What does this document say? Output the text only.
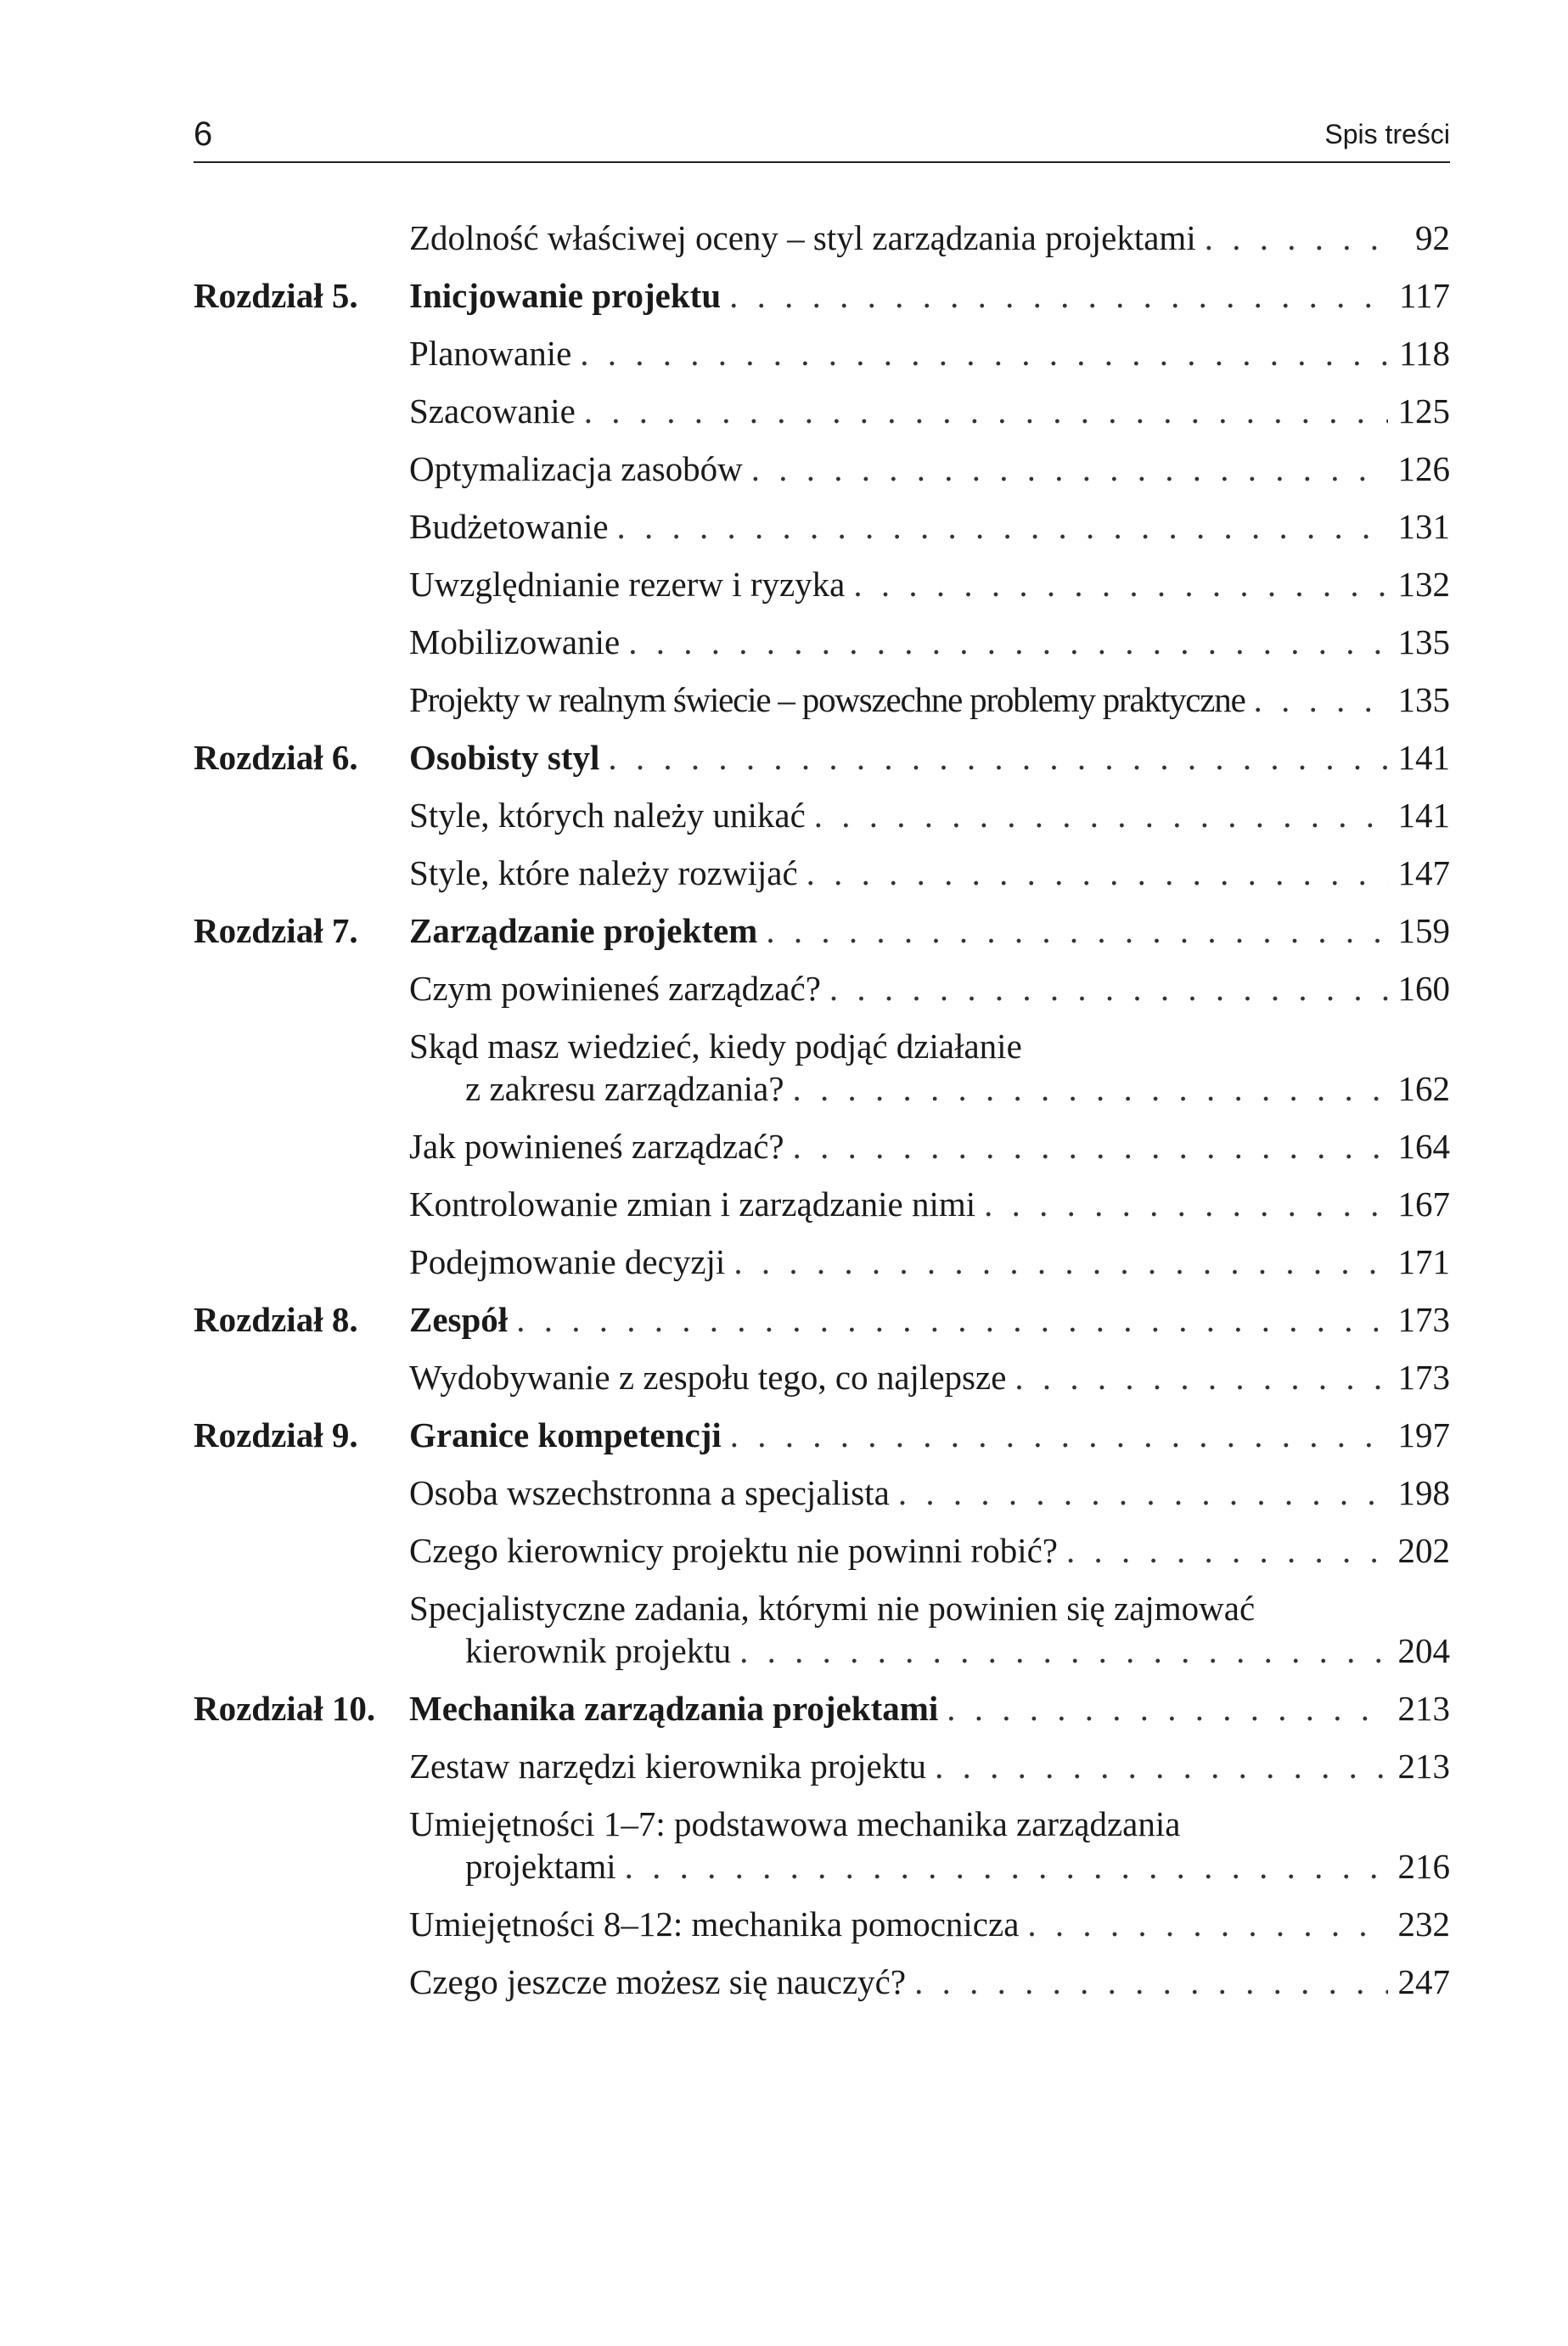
6	Spis treści
Zdolność właściwej oceny – styl zarządzania projektami . . .	92
Rozdział 5. Inicjowanie projektu . . .	117
Planowanie . . .	118
Szacowanie . . .	125
Optymalizacja zasobów . . .	126
Budżetowanie . . .	131
Uwzględnianie rezerw i ryzyka . . .	132
Mobilizowanie . . .	135
Projekty w realnym świecie – powszechne problemy praktyczne . . .	135
Rozdział 6. Osobisty styl . . .	141
Style, których należy unikać . . .	141
Style, które należy rozwijać . . .	147
Rozdział 7. Zarządzanie projektem . . .	159
Czym powinieneś zarządzać? . . .	160
Skąd masz wiedzieć, kiedy podjąć działanie
z zakresu zarządzania? . . .	162
Jak powinieneś zarządzać? . . .	164
Kontrolowanie zmian i zarządzanie nimi . . .	167
Podejmowanie decyzji . . .	171
Rozdział 8. Zespół . . .	173
Wydobywanie z zespołu tego, co najlepsze . . .	173
Rozdział 9. Granice kompetencji . . .	197
Osoba wszechstronna a specjalista . . .	198
Czego kierownicy projektu nie powinni robić? . . .	202
Specjalistyczne zadania, którymi nie powinien się zajmować
kierownik projektu . . .	204
Rozdział 10. Mechanika zarządzania projektami . . .	213
Zestaw narzędzi kierownika projektu . . .	213
Umiejętności 1–7: podstawowa mechanika zarządzania
projektami . . .	216
Umiejętności 8–12: mechanika pomocnicza . . .	232
Czego jeszcze możesz się nauczyć? . . .	247
